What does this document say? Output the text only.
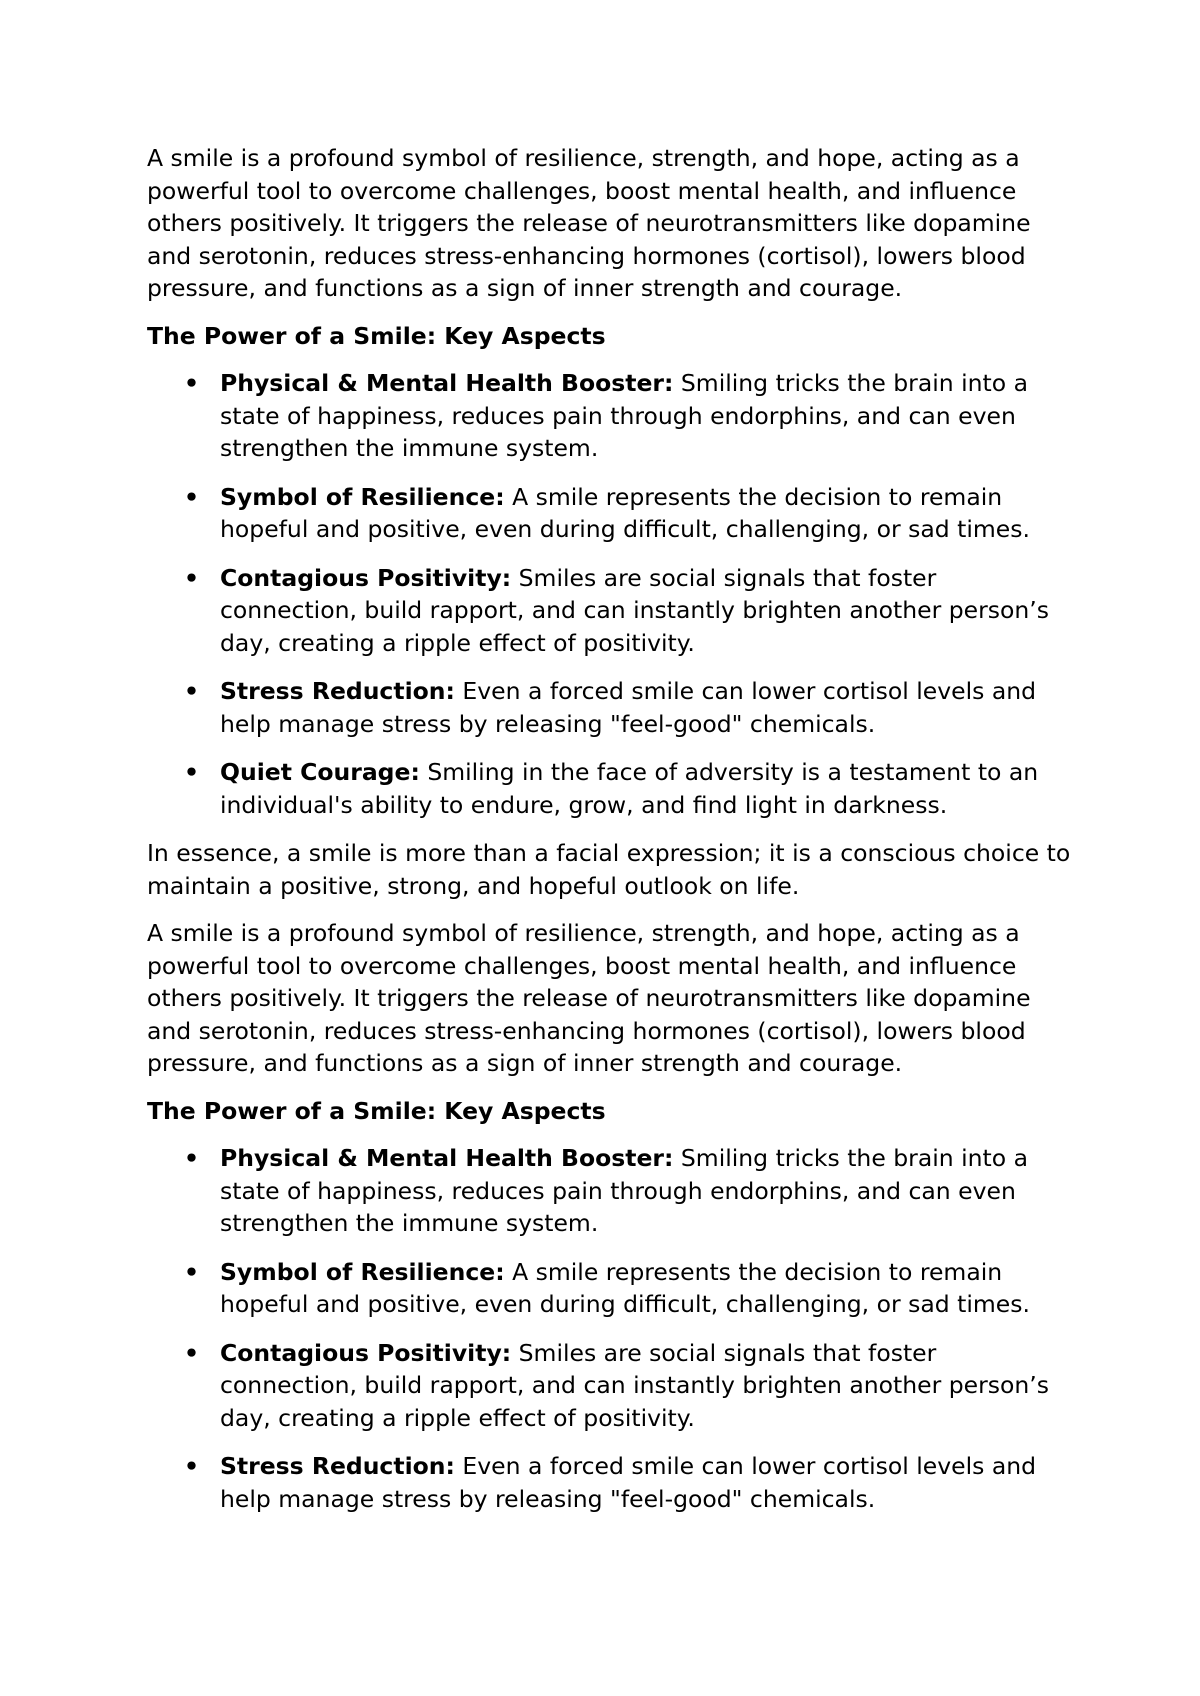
A smile is a profound symbol of resilience, strength, and hope, acting as a powerful tool to overcome challenges, boost mental health, and influence others positively. It triggers the release of neurotransmitters like dopamine and serotonin, reduces stress-enhancing hormones (cortisol), lowers blood pressure, and functions as a sign of inner strength and courage.

The Power of a Smile: Key Aspects

• Physical & Mental Health Booster: Smiling tricks the brain into a state of happiness, reduces pain through endorphins, and can even strengthen the immune system.
• Symbol of Resilience: A smile represents the decision to remain hopeful and positive, even during difficult, challenging, or sad times.
• Contagious Positivity: Smiles are social signals that foster connection, build rapport, and can instantly brighten another person’s day, creating a ripple effect of positivity.
• Stress Reduction: Even a forced smile can lower cortisol levels and help manage stress by releasing "feel-good" chemicals.
• Quiet Courage: Smiling in the face of adversity is a testament to an individual's ability to endure, grow, and find light in darkness.

In essence, a smile is more than a facial expression; it is a conscious choice to maintain a positive, strong, and hopeful outlook on life.

A smile is a profound symbol of resilience, strength, and hope, acting as a powerful tool to overcome challenges, boost mental health, and influence others positively. It triggers the release of neurotransmitters like dopamine and serotonin, reduces stress-enhancing hormones (cortisol), lowers blood pressure, and functions as a sign of inner strength and courage.

The Power of a Smile: Key Aspects

• Physical & Mental Health Booster: Smiling tricks the brain into a state of happiness, reduces pain through endorphins, and can even strengthen the immune system.
• Symbol of Resilience: A smile represents the decision to remain hopeful and positive, even during difficult, challenging, or sad times.
• Contagious Positivity: Smiles are social signals that foster connection, build rapport, and can instantly brighten another person’s day, creating a ripple effect of positivity.
• Stress Reduction: Even a forced smile can lower cortisol levels and help manage stress by releasing "feel-good" chemicals.
